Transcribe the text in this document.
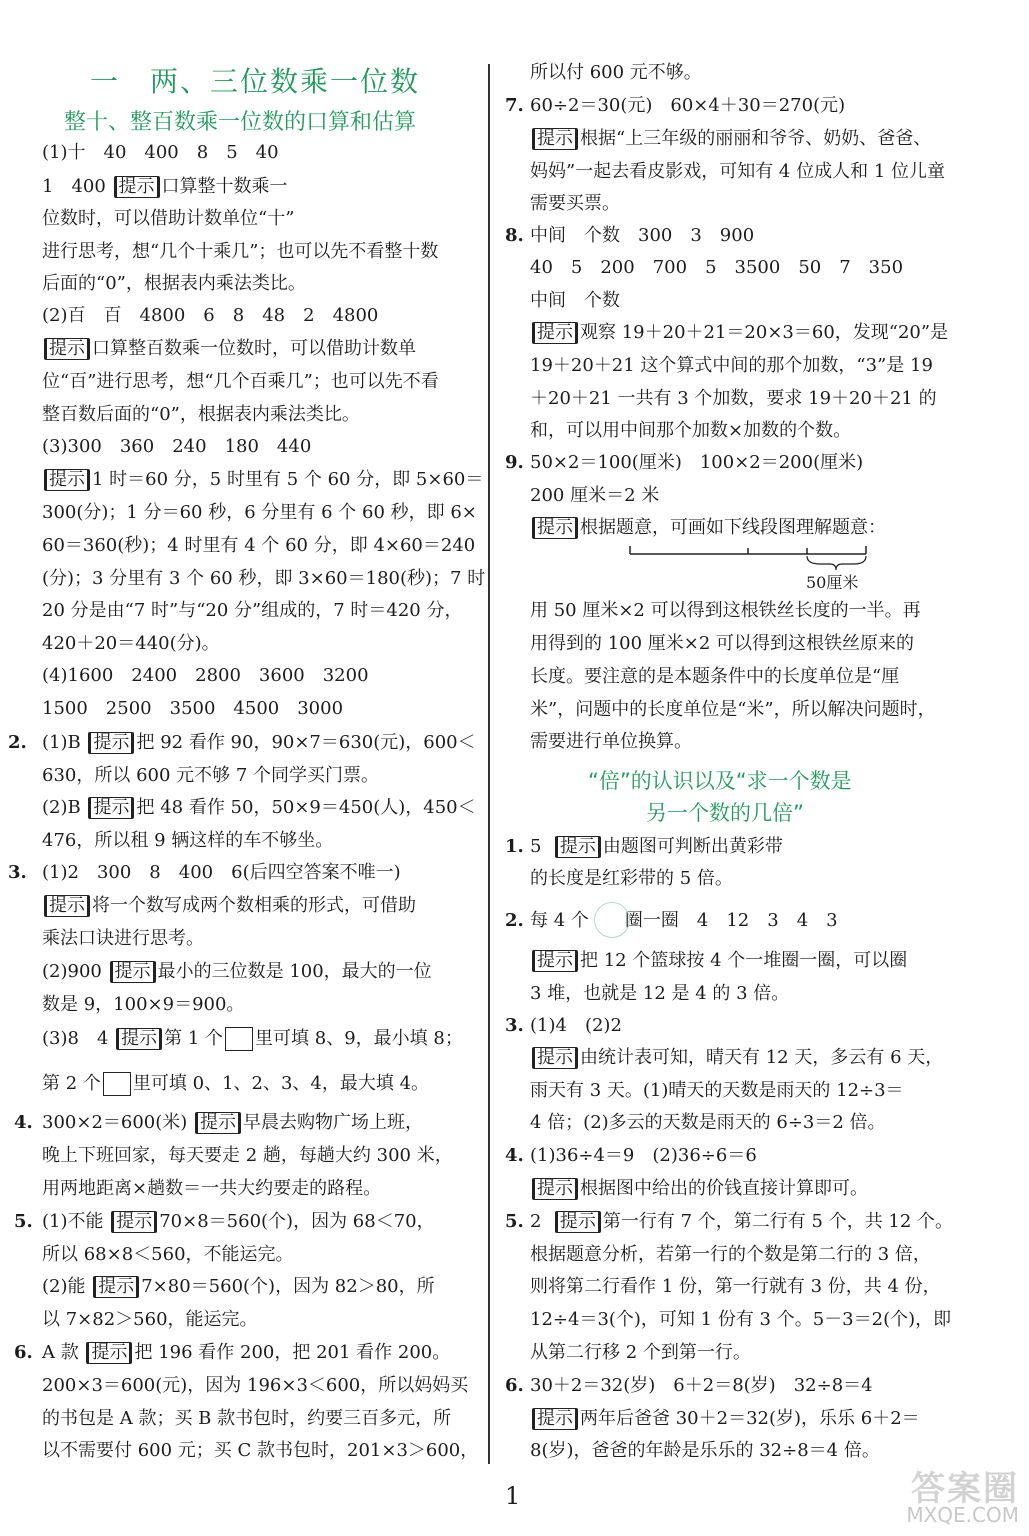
一　两、三位数乘一位数
整十、整百数乘一位数的口算和估算
(1)十　40　400　8　5　40
1　400 提示 口算整十数乘一
位数时，可以借助计数单位“十”
进行思考，想“几个十乘几”；也可以先不看整十数
后面的“0”，根据表内乘法类比。
(2)百　百　4800　6　8　48　2　4800
提示 口算整百数乘一位数时，可以借助计数单
位“百”进行思考，想“几个百乘几”；也可以先不看
整百数后面的“0”，根据表内乘法类比。
(3)300　360　240　180　440
提示 1 时＝60 分，5 时里有 5 个 60 分，即 5×60＝
300(分)；1 分＝60 秒，6 分里有 6 个 60 秒，即 6×
60＝360(秒)；4 时里有 4 个 60 分，即 4×60＝240
(分)；3 分里有 3 个 60 秒，即 3×60＝180(秒)；7 时
20 分是由“7 时”与“20 分”组成的，7 时＝420 分，
420＋20＝440(分)。
(4)1600　2400　2800　3600　3200
1500　2500　3500　4500　3000
2. (1)B 提示 把 92 看作 90，90×7＝630(元)，600＜
630，所以 600 元不够 7 个同学买门票。
(2)B 提示 把 48 看作 50，50×9＝450(人)，450＜
476，所以租 9 辆这样的车不够坐。
3. (1)2　300　8　400　6(后四空答案不唯一)
提示 将一个数写成两个数相乘的形式，可借助
乘法口诀进行思考。
(2)900 提示 最小的三位数是 100，最大的一位
数是 9，100×9＝900。
(3)8　4 提示 第 1 个 里可填 8、9，最小填 8；
第 2 个 里可填 0、1、2、3、4，最大填 4。
4. 300×2＝600(米) 提示 早晨去购物广场上班，
晚上下班回家，每天要走 2 趟，每趟大约 300 米，
用两地距离×趟数＝一共大约要走的路程。
5. (1)不能 提示 70×8＝560(个)，因为 68＜70，
所以 68×8＜560，不能运完。
(2)能 提示 7×80＝560(个)，因为 82＞80，所
以 7×82＞560，能运完。
6. A 款 提示 把 196 看作 200，把 201 看作 200。
200×3＝600(元)，因为 196×3＜600，所以妈妈买
的书包是 A 款；买 B 款书包时，约要三百多元，所
以不需要付 600 元；买 C 款书包时，201×3＞600，
所以付 600 元不够。
7. 60÷2＝30(元)　60×4＋30＝270(元)
提示 根据“上三年级的丽丽和爷爷、奶奶、爸爸、
妈妈”一起去看皮影戏，可知有 4 位成人和 1 位儿童
需要买票。
8. 中间　个数　300　3　900
40　5　200　700　5　3500　50　7　350
中间　个数
提示 观察 19＋20＋21＝20×3＝60，发现“20”是
19＋20＋21 这个算式中间的那个加数，“3”是 19
＋20＋21 一共有 3 个加数，要求 19＋20＋21 的
和，可以用中间那个加数×加数的个数。
9. 50×2＝100(厘米)　100×2＝200(厘米)
200 厘米＝2 米
提示 根据题意，可画如下线段图理解题意：
50厘米
用 50 厘米×2 可以得到这根铁丝长度的一半。再
用得到的 100 厘米×2 可以得到这根铁丝原来的
长度。要注意的是本题条件中的长度单位是“厘
米”，问题中的长度单位是“米”，所以解决问题时，
需要进行单位换算。
“倍”的认识以及“求一个数是
另一个数的几倍”
1. 5 提示 由题图可判断出黄彩带
的长度是红彩带的 5 倍。
2. 每 4 个　　圈一圈　4　12　3　4　3
提示 把 12 个篮球按 4 个一堆圈一圈，可以圈
3 堆，也就是 12 是 4 的 3 倍。
3. (1)4　(2)2
提示 由统计表可知，晴天有 12 天，多云有 6 天，
雨天有 3 天。(1)晴天的天数是雨天的 12÷3＝
4 倍；(2)多云的天数是雨天的 6÷3＝2 倍。
4. (1)36÷4＝9　(2)36÷6＝6
提示 根据图中给出的价钱直接计算即可。
5. 2 提示 第一行有 7 个，第二行有 5 个，共 12 个。
根据题意分析，若第一行的个数是第二行的 3 倍，
则将第二行看作 1 份，第一行就有 3 份，共 4 份，
12÷4＝3(个)，可知 1 份有 3 个。5－3＝2(个)，即
从第二行移 2 个到第一行。
6. 30＋2＝32(岁)　6＋2＝8(岁)　32÷8＝4
提示 两年后爸爸 30＋2＝32(岁)，乐乐 6＋2＝
8(岁)，爸爸的年龄是乐乐的 32÷8＝4 倍。
1	答案圈
MXQE.COM
